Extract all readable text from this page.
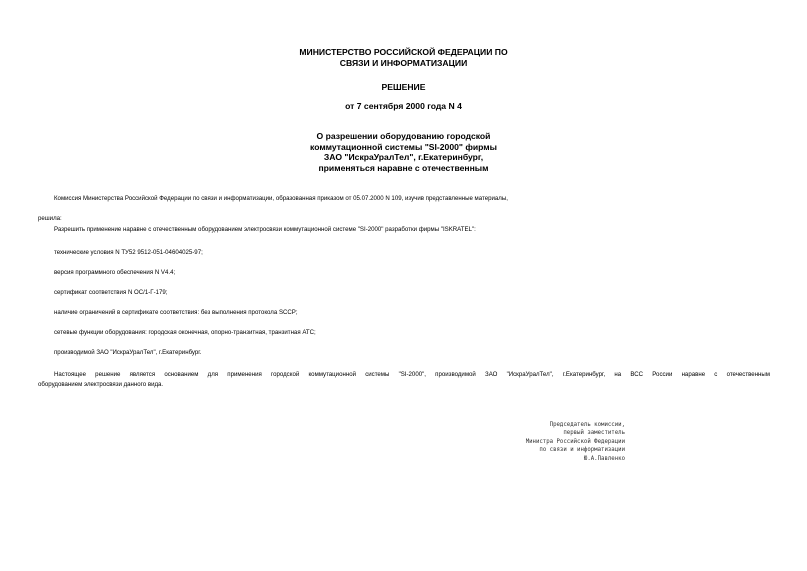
МИНИСТЕРСТВО РОССИЙСКОЙ ФЕДЕРАЦИИ ПО
СВЯЗИ И ИНФОРМАТИЗАЦИИ
РЕШЕНИЕ
от 7 сентября 2000 года N 4
О разрешении оборудованию городской
коммутационной системы "SI-2000" фирмы
ЗАО "ИскраУралТел", г.Екатеринбург,
применяться наравне с отечественным
Комиссия Министерства Российской Федерации по связи и информатизации, образованная приказом от 05.07.2000 N 109, изучив представленные материалы,
решила:
Разрешить применение наравне с отечественным оборудованием электросвязи коммутационной системе "SI-2000" разработки фирмы "ISKRATEL":
технические условия N ТУ52 9512-051-04604025-97;
версия программного обеспечения N V4.4;
сертификат соответствия N ОС/1-Г-179;
наличие ограничений в сертификате соответствия: без выполнения протокола SCCP;
сетевые функции оборудования: городская оконечная, опорно-транзитная, транзитная АТС;
производимой ЗАО "ИскраУралТел", г.Екатеринбург.
Настоящее решение является основанием для применения городской коммутационной системы "SI-2000", производимой ЗАО "ИскраУралТел", г.Екатеринбург, на ВСС России наравне с отечественным
оборудованием электросвязи данного вида.
Председатель комиссии,
первый заместитель
Министра Российской Федерации
по связи и информатизации
Ю.А.Павленко
